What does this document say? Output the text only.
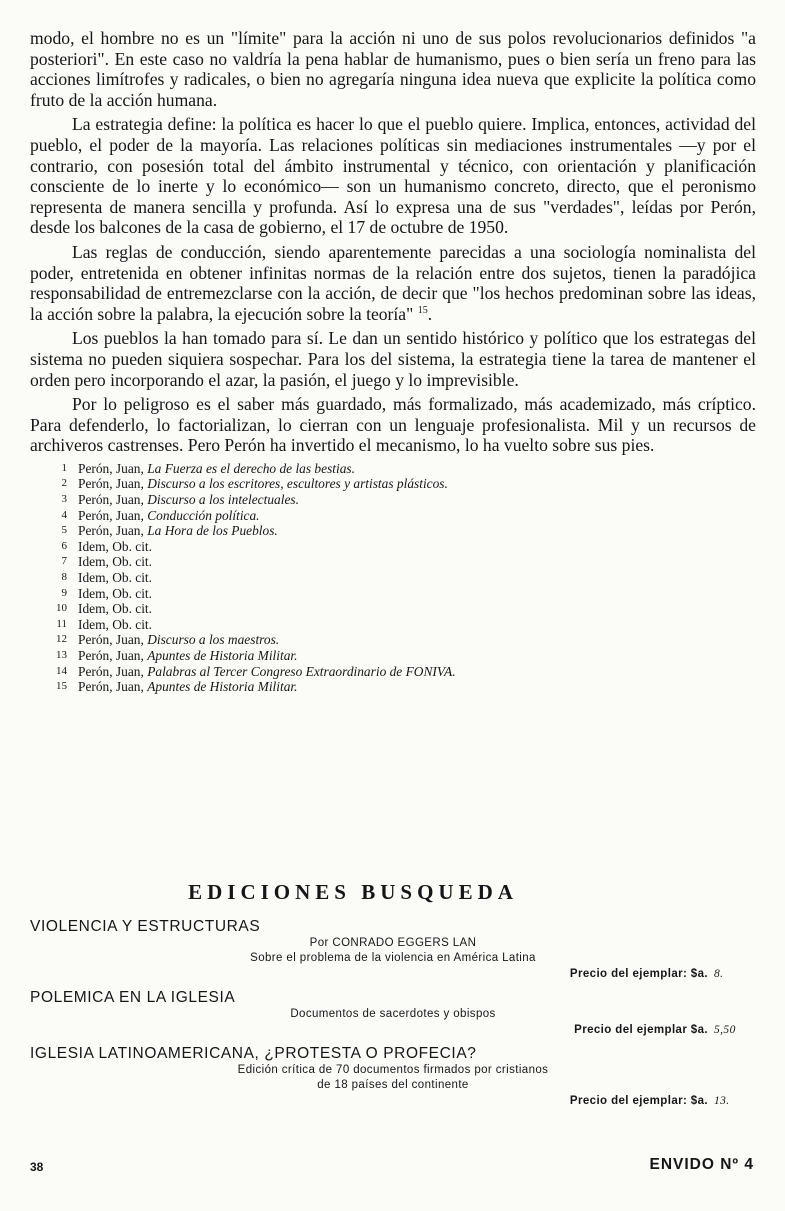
modo, el hombre no es un "límite" para la acción ni uno de sus polos revolucionarios definidos "a posteriori". En este caso no valdría la pena hablar de humanismo, pues o bien sería un freno para las acciones limítrofes y radicales, o bien no agregaría ninguna idea nueva que explicite la política como fruto de la acción humana.

La estrategia define: la política es hacer lo que el pueblo quiere. Implica, entonces, actividad del pueblo, el poder de la mayoría. Las relaciones políticas sin mediaciones instrumentales —y por el contrario, con posesión total del ámbito instrumental y técnico, con orientación y planificación consciente de lo inerte y lo económico— son un humanismo concreto, directo, que el peronismo representa de manera sencilla y profunda. Así lo expresa una de sus "verdades", leídas por Perón, desde los balcones de la casa de gobierno, el 17 de octubre de 1950.

Las reglas de conducción, siendo aparentemente parecidas a una sociología nominalista del poder, entretenida en obtener infinitas normas de la relación entre dos sujetos, tienen la paradójica responsabilidad de entremezclarse con la acción, de decir que "los hechos predominan sobre las ideas, la acción sobre la palabra, la ejecución sobre la teoría" $^{15}$.

Los pueblos la han tomado para sí. Le dan un sentido histórico y político que los estrategas del sistema no pueden siquiera sospechar. Para los del sistema, la estrategia tiene la tarea de mantener el orden pero incorporando el azar, la pasión, el juego y lo imprevisible.

Por lo peligroso es el saber más guardado, más formalizado, más academizado, más críptico. Para defenderlo, lo factorializan, lo cierran con un lenguaje profesionalista. Mil y un recursos de archiveros castrenses. Pero Perón ha invertido el mecanismo, lo ha vuelto sobre sus pies.

1 Perón, Juan, La Fuerza es el derecho de las bestias.
2 Perón, Juan, Discurso a los escritores, escultores y artistas plásticos.
3 Perón, Juan, Discurso a los intelectuales.
4 Perón, Juan, Conducción política.
5 Perón, Juan, La Hora de los Pueblos.
6 Idem, Ob. cit.
7 Idem, Ob. cit.
8 Idem, Ob. cit.
9 Idem, Ob. cit.
10 Idem, Ob. cit.
11 Idem, Ob. cit.
12 Perón, Juan, Discurso a los maestros.
13 Perón, Juan, Apuntes de Historia Militar.
14 Perón, Juan, Palabras al Tercer Congreso Extraordinario de FONIVA.
15 Perón, Juan, Apuntes de Historia Militar.
EDICIONES BUSQUEDA

VIOLENCIA Y ESTRUCTURAS

Por CONRADO EGGERS LAN

Sobre el problema de la violencia en América Latina

Precio del ejemplar: $a. 8.

POLEMICA EN LA IGLESIA

Documentos de sacerdotes y obispos

Precio del ejemplar $a. 5,50

IGLESIA LATINOAMERICANA, ¿PROTESTA O PROFECIA?

Edición crítica de 70 documentos firmados por cristianos

de 18 países del continente

Precio del ejemplar: $a. 13.

38	ENVIDO Nº 4
